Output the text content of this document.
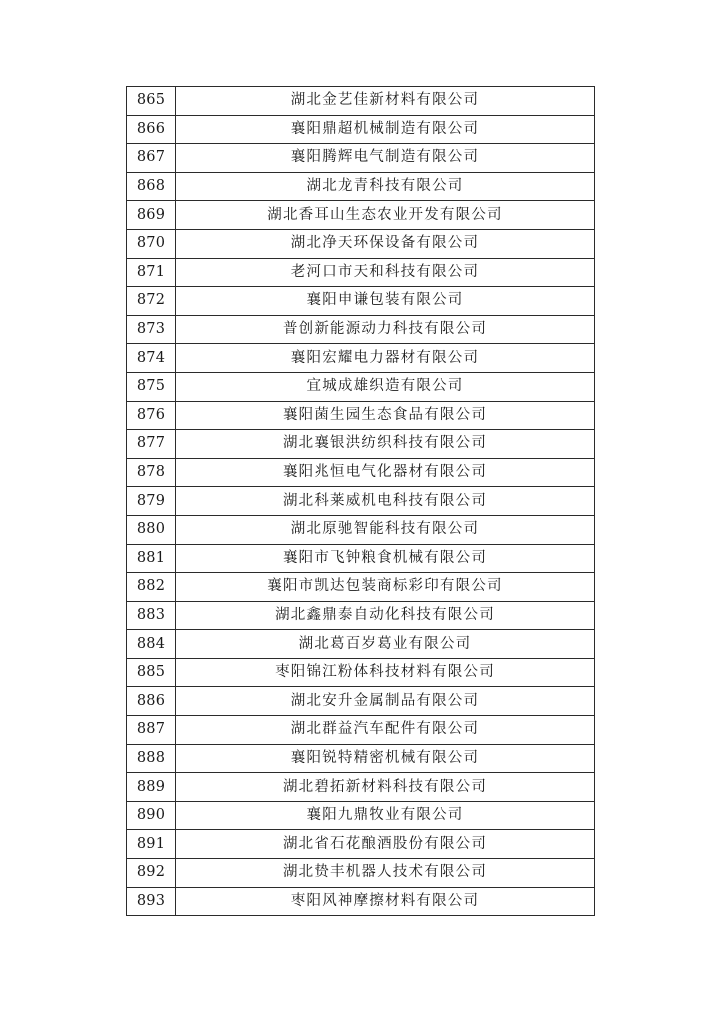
865	湖北金艺佳新材料有限公司
866	襄阳鼎超机械制造有限公司
867	襄阳腾辉电气制造有限公司
868	湖北龙青科技有限公司
869	湖北香耳山生态农业开发有限公司
870	湖北净天环保设备有限公司
871	老河口市天和科技有限公司
872	襄阳申谦包装有限公司
873	普创新能源动力科技有限公司
874	襄阳宏耀电力器材有限公司
875	宜城成雄织造有限公司
876	襄阳菌生园生态食品有限公司
877	湖北襄银洪纺织科技有限公司
878	襄阳兆恒电气化器材有限公司
879	湖北科莱威机电科技有限公司
880	湖北原驰智能科技有限公司
881	襄阳市飞钟粮食机械有限公司
882	襄阳市凯达包装商标彩印有限公司
883	湖北鑫鼎泰自动化科技有限公司
884	湖北葛百岁葛业有限公司
885	枣阳锦江粉体科技材料有限公司
886	湖北安升金属制品有限公司
887	湖北群益汽车配件有限公司
888	襄阳锐特精密机械有限公司
889	湖北碧拓新材料科技有限公司
890	襄阳九鼎牧业有限公司
891	湖北省石花酿酒股份有限公司
892	湖北贽丰机器人技术有限公司
893	枣阳风神摩擦材料有限公司
